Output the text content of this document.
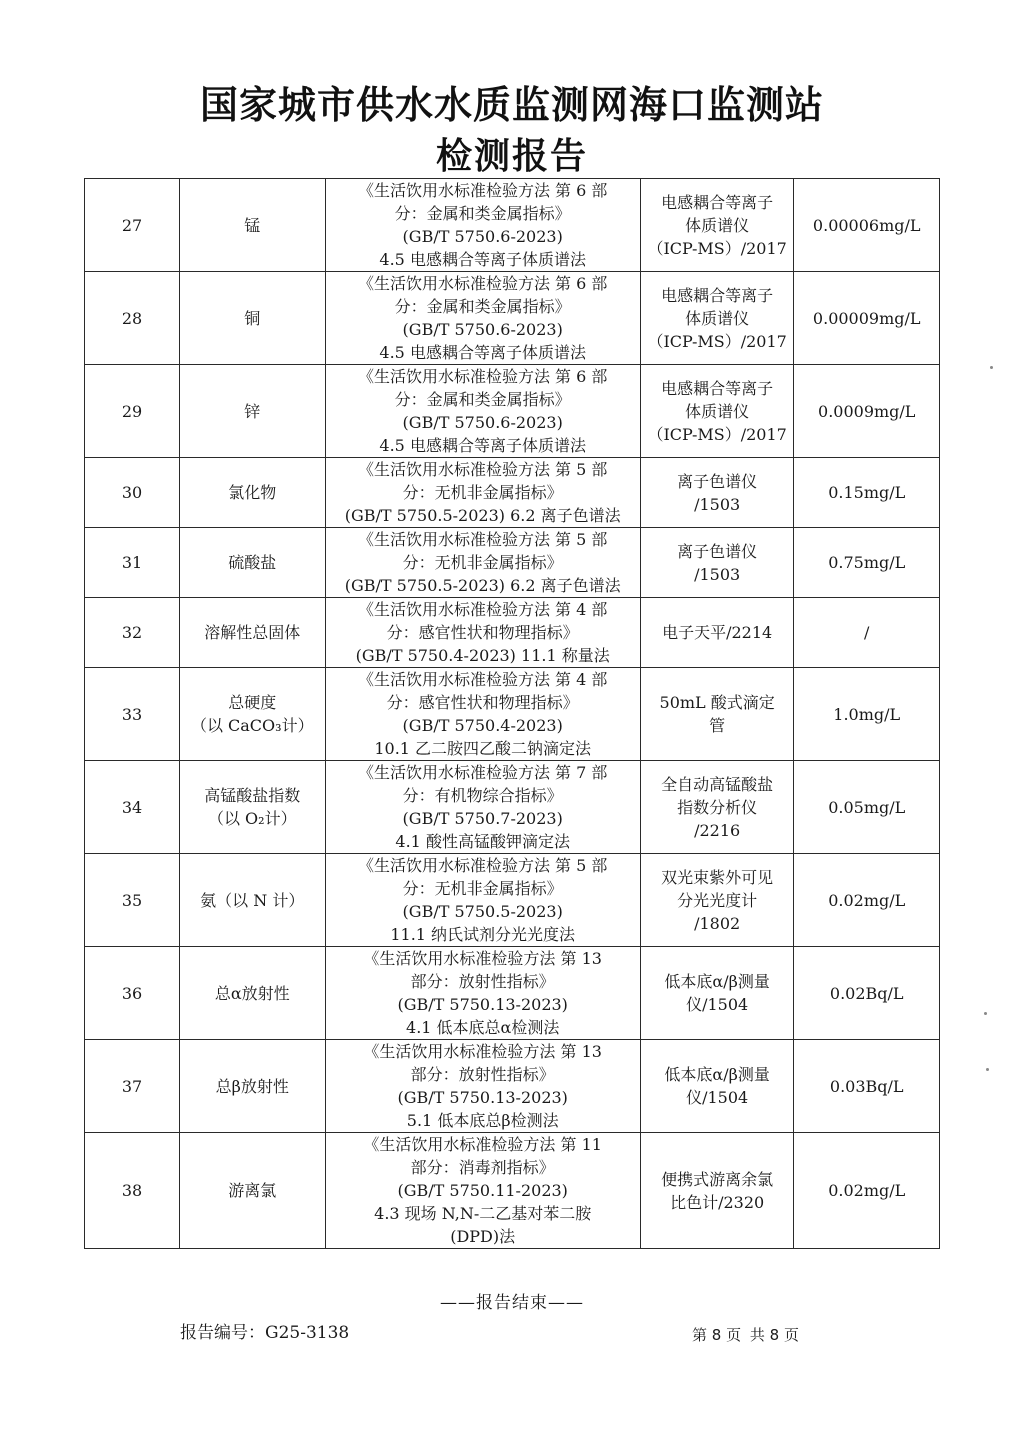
国家城市供水水质监测网海口监测站
检测报告
27	锰	《生活饮用水标准检验方法 第 6 部
分：金属和类金属指标》
(GB/T 5750.6-2023)
4.5 电感耦合等离子体质谱法	电感耦合等离子
体质谱仪
（ICP-MS）/2017	0.00006mg/L
28	铜	《生活饮用水标准检验方法 第 6 部
分：金属和类金属指标》
(GB/T 5750.6-2023)
4.5 电感耦合等离子体质谱法	电感耦合等离子
体质谱仪
（ICP-MS）/2017	0.00009mg/L
29	锌	《生活饮用水标准检验方法 第 6 部
分：金属和类金属指标》
(GB/T 5750.6-2023)
4.5 电感耦合等离子体质谱法	电感耦合等离子
体质谱仪
（ICP-MS）/2017	0.0009mg/L
30	氯化物	《生活饮用水标准检验方法 第 5 部
分：无机非金属指标》
(GB/T 5750.5-2023) 6.2 离子色谱法	离子色谱仪
/1503	0.15mg/L
31	硫酸盐	《生活饮用水标准检验方法 第 5 部
分：无机非金属指标》
(GB/T 5750.5-2023) 6.2 离子色谱法	离子色谱仪
/1503	0.75mg/L
32	溶解性总固体	《生活饮用水标准检验方法 第 4 部
分：感官性状和物理指标》
(GB/T 5750.4-2023) 11.1 称量法	电子天平/2214	/
33	总硬度
（以 CaCO₃计）	《生活饮用水标准检验方法 第 4 部
分：感官性状和物理指标》
(GB/T 5750.4-2023)
10.1 乙二胺四乙酸二钠滴定法	50mL 酸式滴定
管	1.0mg/L
34	高锰酸盐指数
（以 O₂计）	《生活饮用水标准检验方法 第 7 部
分：有机物综合指标》
(GB/T 5750.7-2023)
4.1 酸性高锰酸钾滴定法	全自动高锰酸盐
指数分析仪
/2216	0.05mg/L
35	氨（以 N 计）	《生活饮用水标准检验方法 第 5 部
分：无机非金属指标》
(GB/T 5750.5-2023)
11.1 纳氏试剂分光光度法	双光束紫外可见
分光光度计
/1802	0.02mg/L
36	总α放射性	《生活饮用水标准检验方法 第 13
部分：放射性指标》
(GB/T 5750.13-2023)
4.1 低本底总α检测法	低本底α/β测量
仪/1504	0.02Bq/L
37	总β放射性	《生活饮用水标准检验方法 第 13
部分：放射性指标》
(GB/T 5750.13-2023)
5.1 低本底总β检测法	低本底α/β测量
仪/1504	0.03Bq/L
38	游离氯	《生活饮用水标准检验方法 第 11
部分：消毒剂指标》
(GB/T 5750.11-2023)
4.3 现场 N,N-二乙基对苯二胺
(DPD)法	便携式游离余氯
比色计/2320	0.02mg/L
——报告结束——
报告编号：G25-3138	第 8 页 共 8 页
